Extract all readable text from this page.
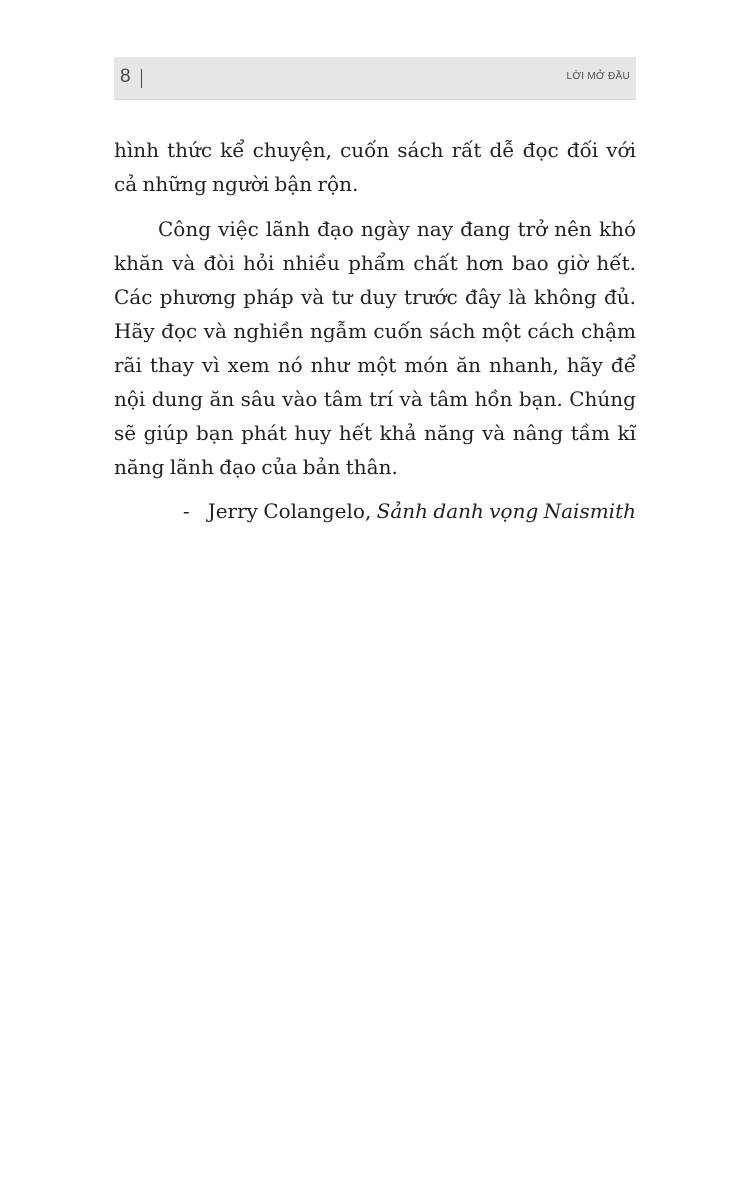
8	LỜI MỞ ĐẦU

hình thức kể chuyện, cuốn sách rất dễ đọc đối với cả những người bận rộn.

Công việc lãnh đạo ngày nay đang trở nên khó khăn và đòi hỏi nhiều phẩm chất hơn bao giờ hết. Các phương pháp và tư duy trước đây là không đủ. Hãy đọc và nghiền ngẫm cuốn sách một cách chậm rãi thay vì xem nó như một món ăn nhanh, hãy để nội dung ăn sâu vào tâm trí và tâm hồn bạn. Chúng sẽ giúp bạn phát huy hết khả năng và nâng tầm kĩ năng lãnh đạo của bản thân.

- Jerry Colangelo, Sảnh danh vọng Naismith
